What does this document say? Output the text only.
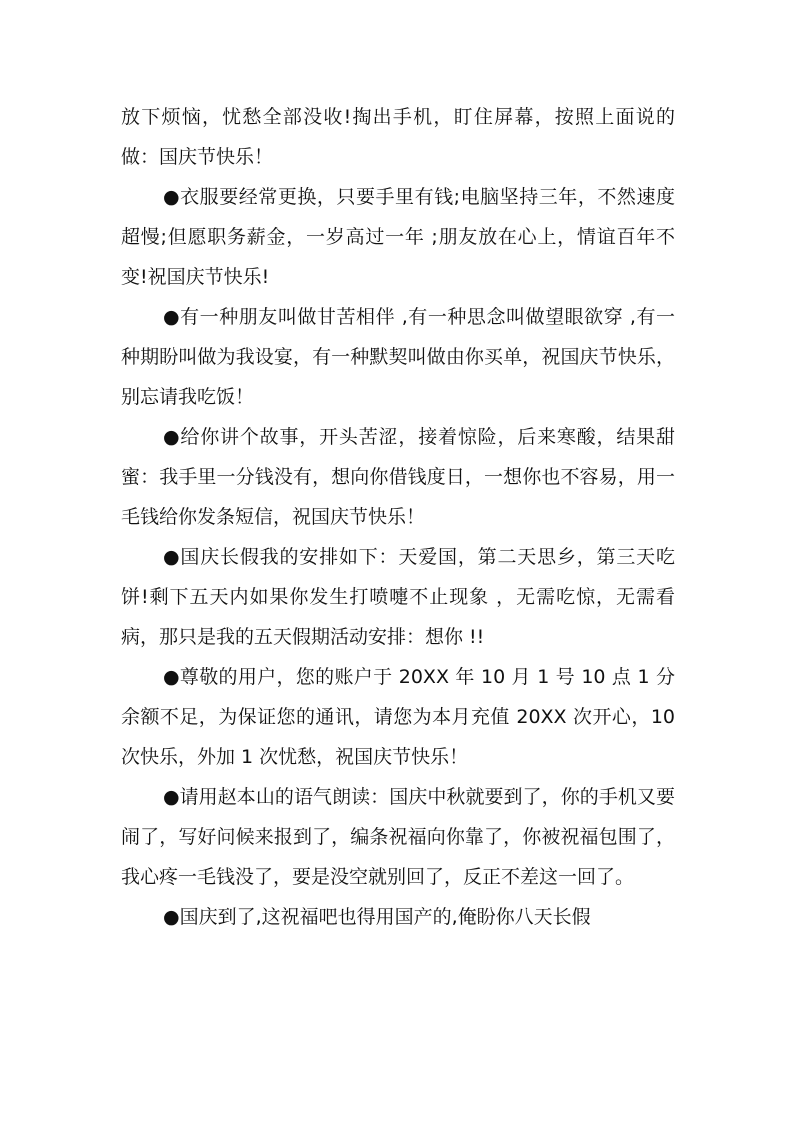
放下烦恼，忧愁全部没收!掏出手机，盯住屏幕，按照上面说的做：国庆节快乐！

●衣服要经常更换，只要手里有钱;电脑坚持三年，不然速度超慢;但愿职务薪金，一岁高过一年 ;朋友放在心上，情谊百年不变!祝国庆节快乐!

●有一种朋友叫做甘苦相伴 ,有一种思念叫做望眼欲穿 ,有一种期盼叫做为我设宴，有一种默契叫做由你买单，祝国庆节快乐，别忘请我吃饭！

●给你讲个故事，开头苦涩，接着惊险，后来寒酸，结果甜蜜：我手里一分钱没有，想向你借钱度日，一想你也不容易，用一毛钱给你发条短信，祝国庆节快乐！

●国庆长假我的安排如下：天爱国，第二天思乡，第三天吃饼!剩下五天内如果你发生打喷嚏不止现象 ，无需吃惊，无需看病，那只是我的五天假期活动安排：想你 !!

●尊敬的用户，您的账户于 20XX 年 10 月 1 号 10 点 1 分余额不足，为保证您的通讯，请您为本月充值 20XX 次开心，10 次快乐，外加 1 次忧愁，祝国庆节快乐！

●请用赵本山的语气朗读：国庆中秋就要到了，你的手机又要闹了，写好问候来报到了，编条祝福向你靠了，你被祝福包围了，我心疼一毛钱没了，要是没空就别回了，反正不差这一回了。

●国庆到了,这祝福吧也得用国产的,俺盼你八天长假
